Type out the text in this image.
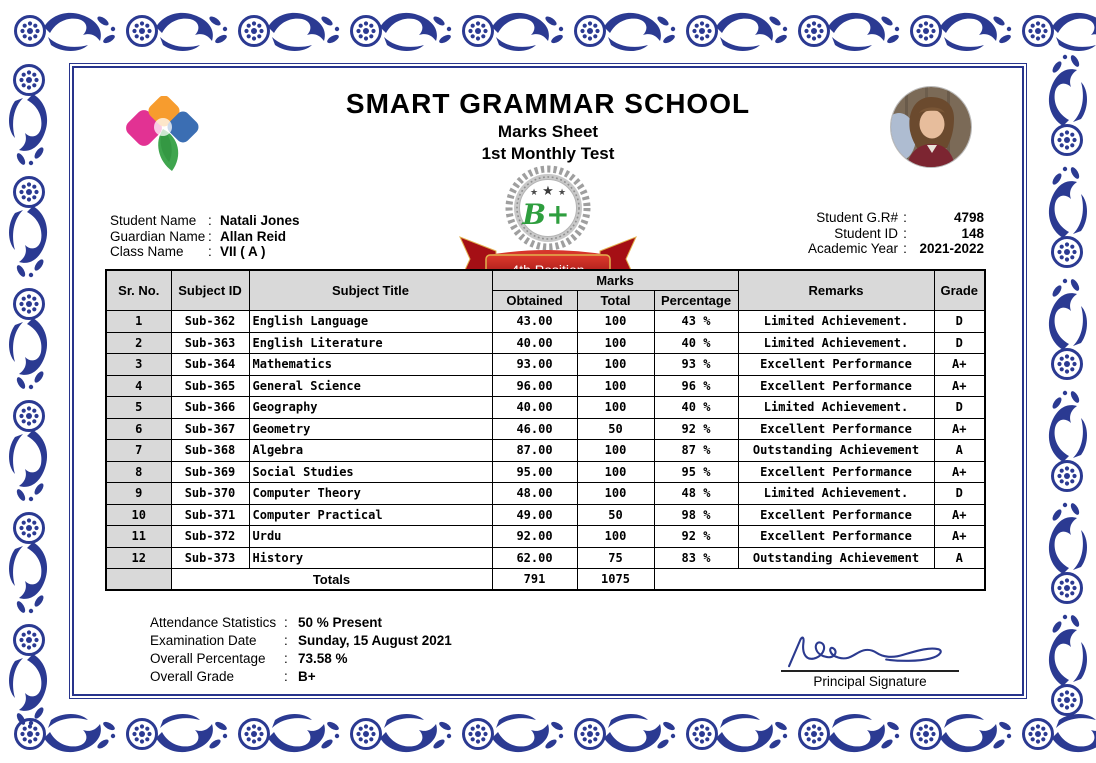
SMART GRAMMAR SCHOOL
Marks Sheet
1st Monthly Test
★ ★ ★
B+

Student Name : Natali Jones
Guardian Name : Allan Reid
Class Name : VII ( A )
Student G.R# :	4798
Student ID :	148
Academic Year : 2021-2022
Sr. No.	Subject ID	Subject Title	Marks			Remarks	Grade
			Obtained	Total	Percentage		
1	Sub-362	English Language	43.00	100	43 %	Limited Achievement.	D
2	Sub-363	English Literature	40.00	100	40 %	Limited Achievement.	D
3	Sub-364	Mathematics	93.00	100	93 %	Excellent Performance	A+
4	Sub-365	General Science	96.00	100	96 %	Excellent Performance	A+
5	Sub-366	Geography	40.00	100	40 %	Limited Achievement.	D
6	Sub-367	Geometry	46.00	50	92 %	Excellent Performance	A+
7	Sub-368	Algebra	87.00	100	87 %	Outstanding Achievement	A
8	Sub-369	Social Studies	95.00	100	95 %	Excellent Performance	A+
9	Sub-370	Computer Theory	48.00	100	48 %	Limited Achievement.	D
10	Sub-371	Computer Practical	49.00	50	98 %	Excellent Performance	A+
11	Sub-372	Urdu	92.00	100	92 %	Excellent Performance	A+
12	Sub-373	History	62.00	75	83 %	Outstanding Achievement	A
	Totals		791	1075			
Attendance Statistics : 50 % Present
Examination Date : Sunday, 15 August 2021
Overall Percentage : 73.58 %
Overall Grade	: B+	Principal Signature
